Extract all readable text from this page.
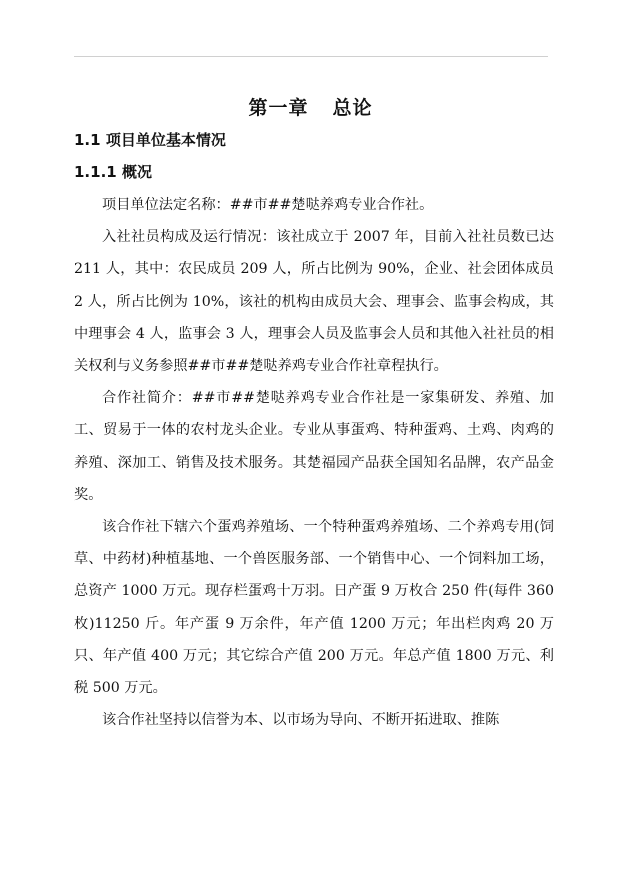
第一章 总论
1.1 项目单位基本情况
1.1.1 概况

项目单位法定名称：##市##楚哒养鸡专业合作社。

入社社员构成及运行情况：该社成立于 2007 年，目前入社社员数已达 211 人，其中：农民成员 209 人，所占比例为 90%，企业、社会团体成员 2 人，所占比例为 10%，该社的机构由成员大会、理事会、监事会构成，其中理事会 4 人，监事会 3 人，理事会人员及监事会人员和其他入社社员的相关权利与义务参照##市##楚哒养鸡专业合作社章程执行。

合作社简介：##市##楚哒养鸡专业合作社是一家集研发、养殖、加工、贸易于一体的农村龙头企业。专业从事蛋鸡、特种蛋鸡、土鸡、肉鸡的养殖、深加工、销售及技术服务。其楚福园产品获全国知名品牌，农产品金奖。

该合作社下辖六个蛋鸡养殖场、一个特种蛋鸡养殖场、二个养鸡专用(饲草、中药材)种植基地、一个兽医服务部、一个销售中心、一个饲料加工场，总资产 1000 万元。现存栏蛋鸡十万羽。日产蛋 9 万枚合 250 件(每件 360 枚)11250 斤。年产蛋 9 万余件，年产值 1200 万元；年出栏肉鸡 20 万只、年产值 400 万元；其它综合产值 200 万元。年总产值 1800 万元、利税 500 万元。

该合作社坚持以信誉为本、以市场为导向、不断开拓进取、推陈
